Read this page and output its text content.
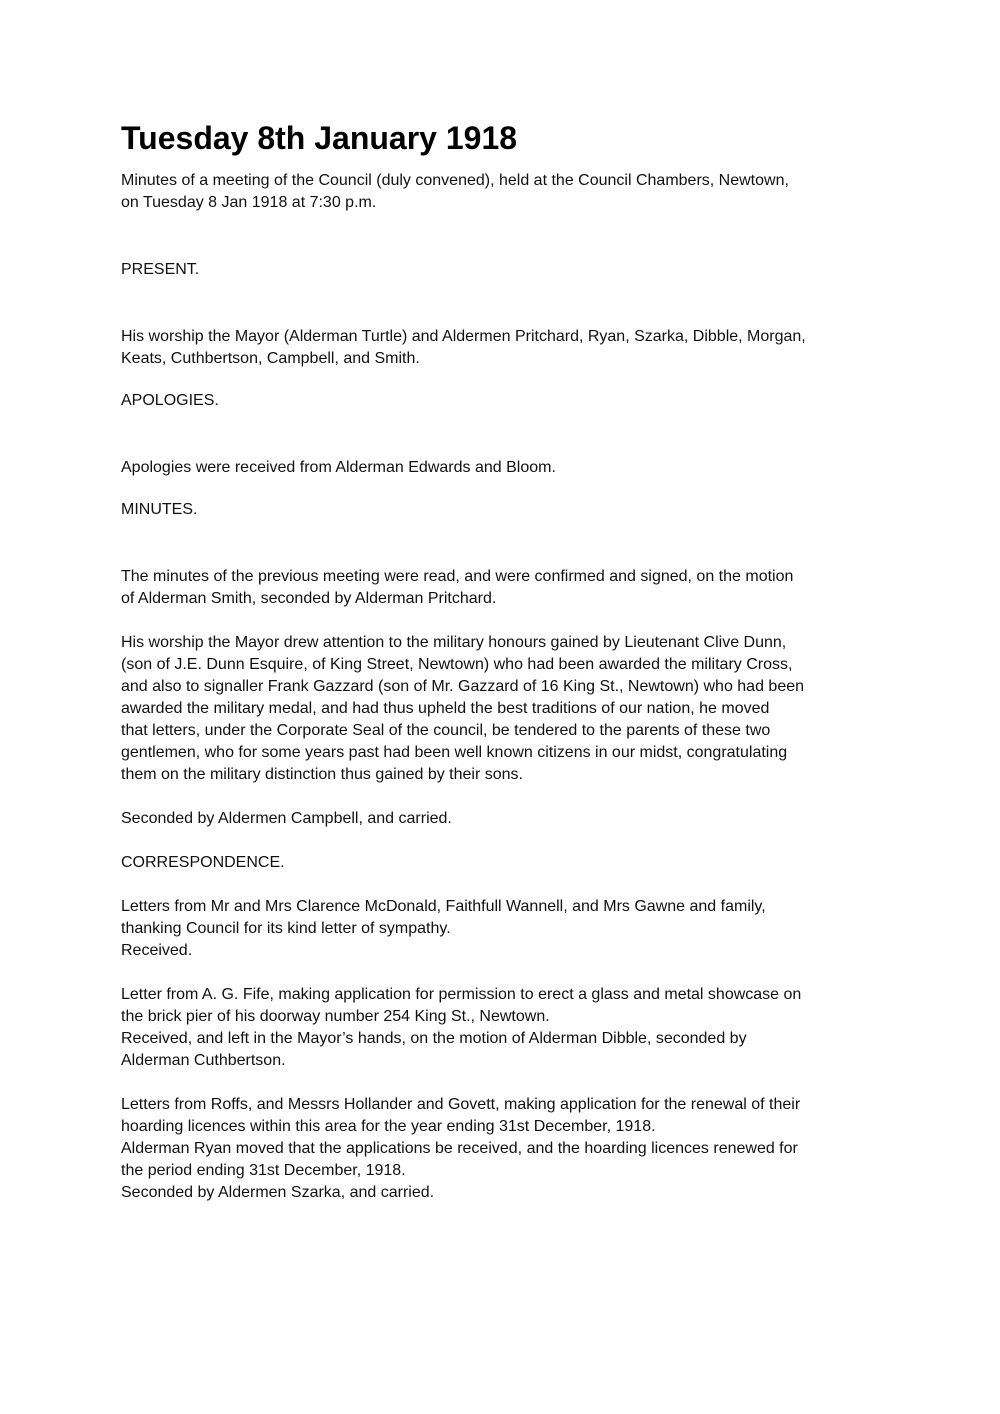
Tuesday 8th January 1918

Minutes of a meeting of the Council (duly convened), held at the Council Chambers, Newtown,
on Tuesday 8 Jan 1918 at 7:30 p.m.

PRESENT.

His worship the Mayor (Alderman Turtle) and Aldermen Pritchard, Ryan, Szarka, Dibble, Morgan,
Keats, Cuthbertson, Campbell, and Smith.

APOLOGIES.

Apologies were received from Alderman Edwards and Bloom.

MINUTES.

The minutes of the previous meeting were read, and were confirmed and signed, on the motion
of Alderman Smith, seconded by Alderman Pritchard.

His worship the Mayor drew attention to the military honours gained by Lieutenant Clive Dunn,
(son of J.E. Dunn Esquire, of King Street, Newtown) who had been awarded the military Cross,
and also to signaller Frank Gazzard (son of Mr. Gazzard of 16 King St., Newtown) who had been
awarded the military medal, and had thus upheld the best traditions of our nation, he moved
that letters, under the Corporate Seal of the council, be tendered to the parents of these two
gentlemen, who for some years past had been well known citizens in our midst, congratulating
them on the military distinction thus gained by their sons.

Seconded by Aldermen Campbell, and carried.

CORRESPONDENCE.

Letters from Mr and Mrs Clarence McDonald, Faithfull Wannell, and Mrs Gawne and family,
thanking Council for its kind letter of sympathy.
Received.

Letter from A. G. Fife, making application for permission to erect a glass and metal showcase on
the brick pier of his doorway number 254 King St., Newtown.
Received, and left in the Mayor’s hands, on the motion of Alderman Dibble, seconded by
Alderman Cuthbertson.

Letters from Roffs, and Messrs Hollander and Govett, making application for the renewal of their
hoarding licences within this area for the year ending 31st December, 1918.
Alderman Ryan moved that the applications be received, and the hoarding licences renewed for
the period ending 31st December, 1918.
Seconded by Aldermen Szarka, and carried.
